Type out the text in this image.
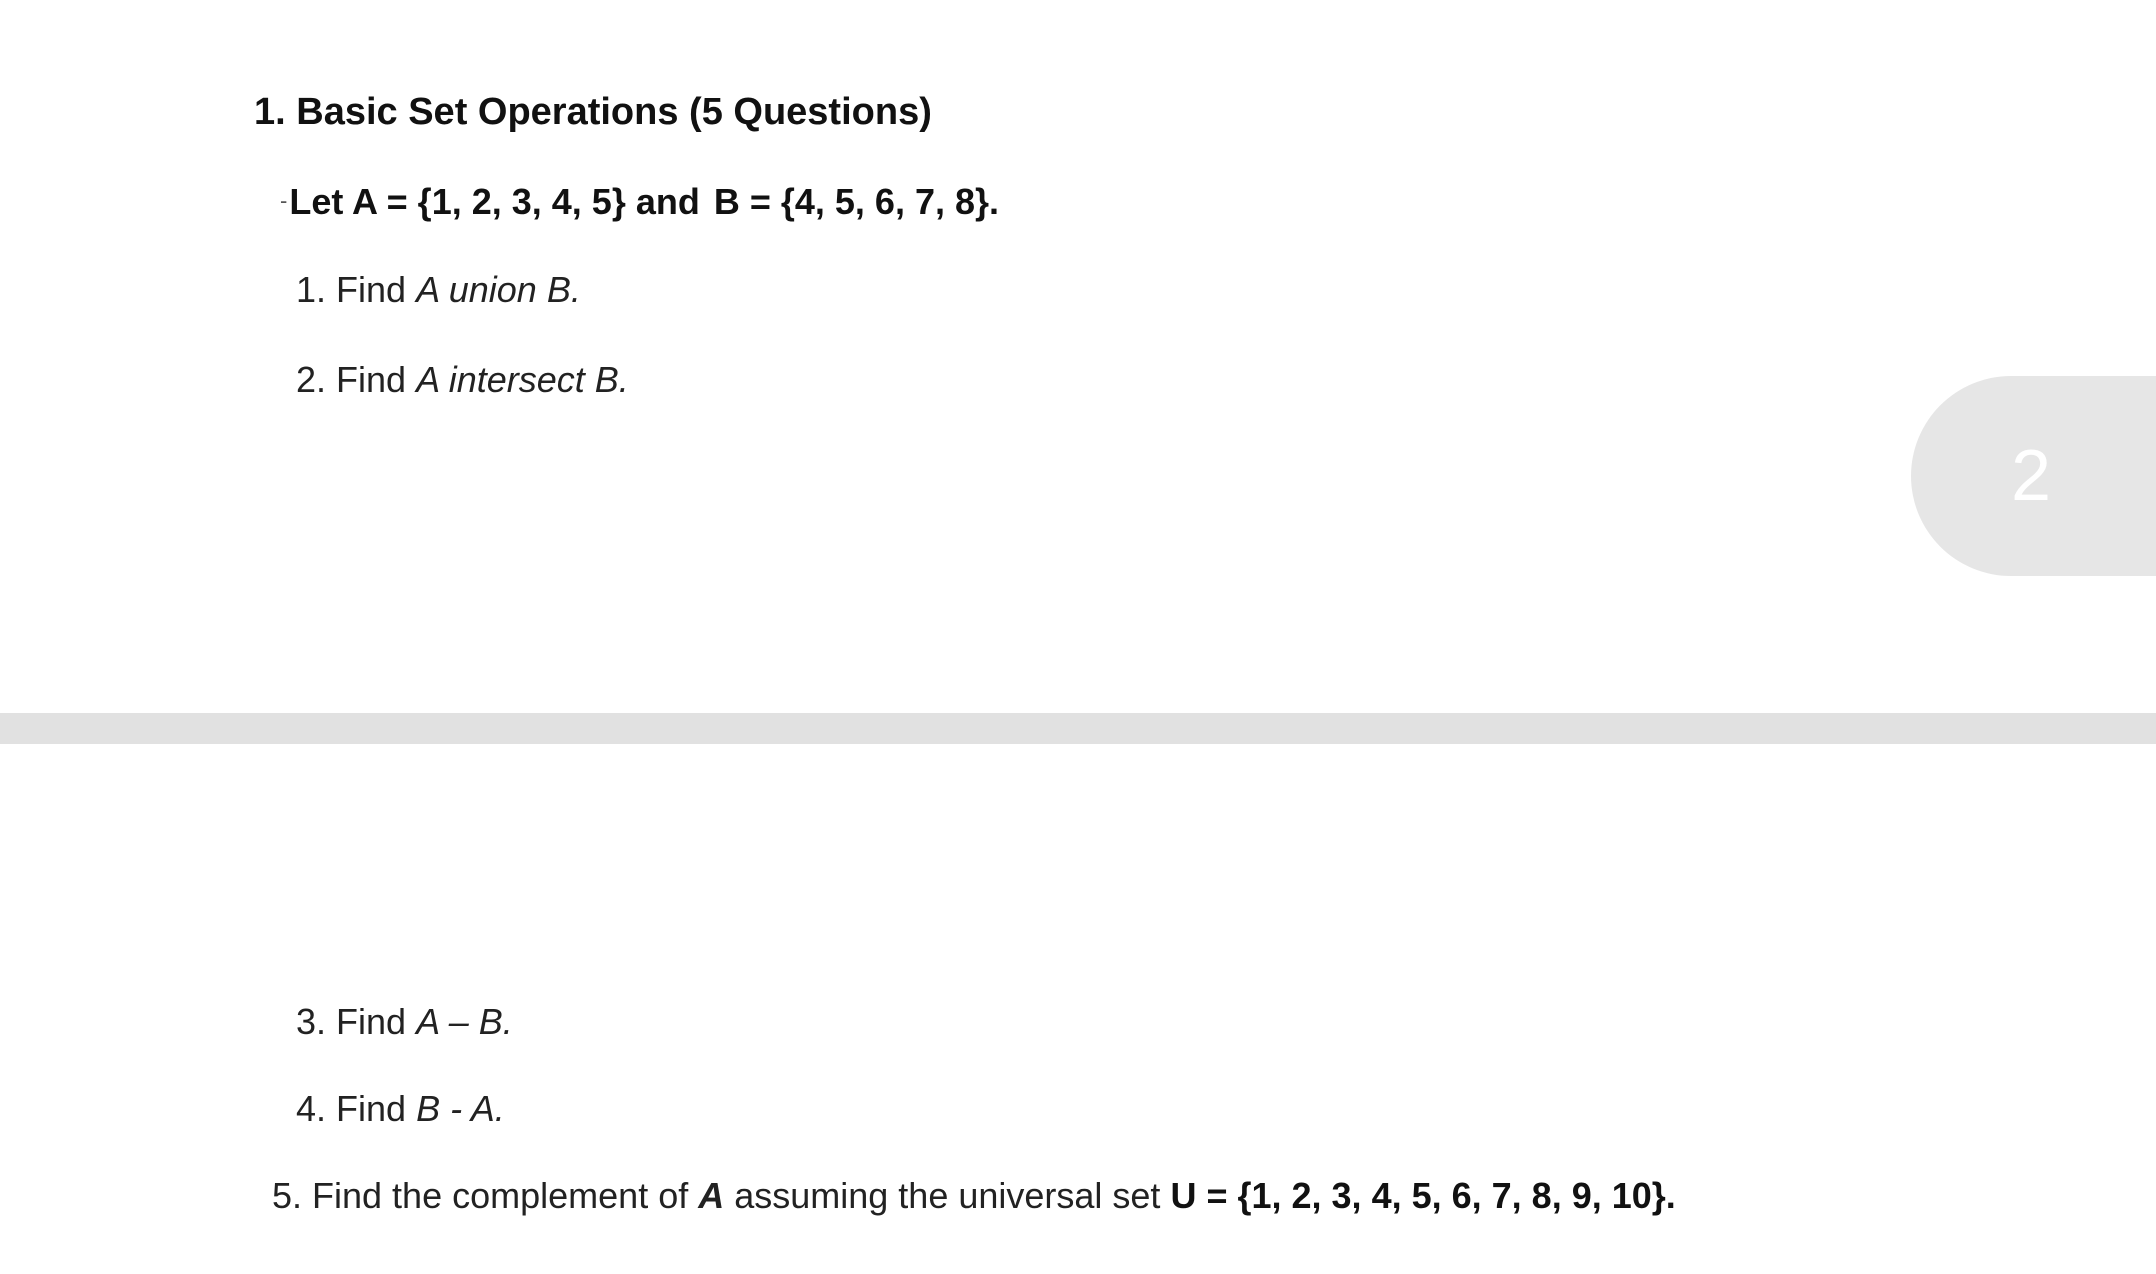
1. Basic Set Operations (5 Questions)
-Let A = {1, 2, 3, 4, 5} and B = {4, 5, 6, 7, 8}.
1. Find A union B.
2. Find A intersect B.
2
3. Find A – B.
4. Find B - A.
5. Find the complement of A assuming the universal set U = {1, 2, 3, 4, 5, 6, 7, 8, 9, 10}.
